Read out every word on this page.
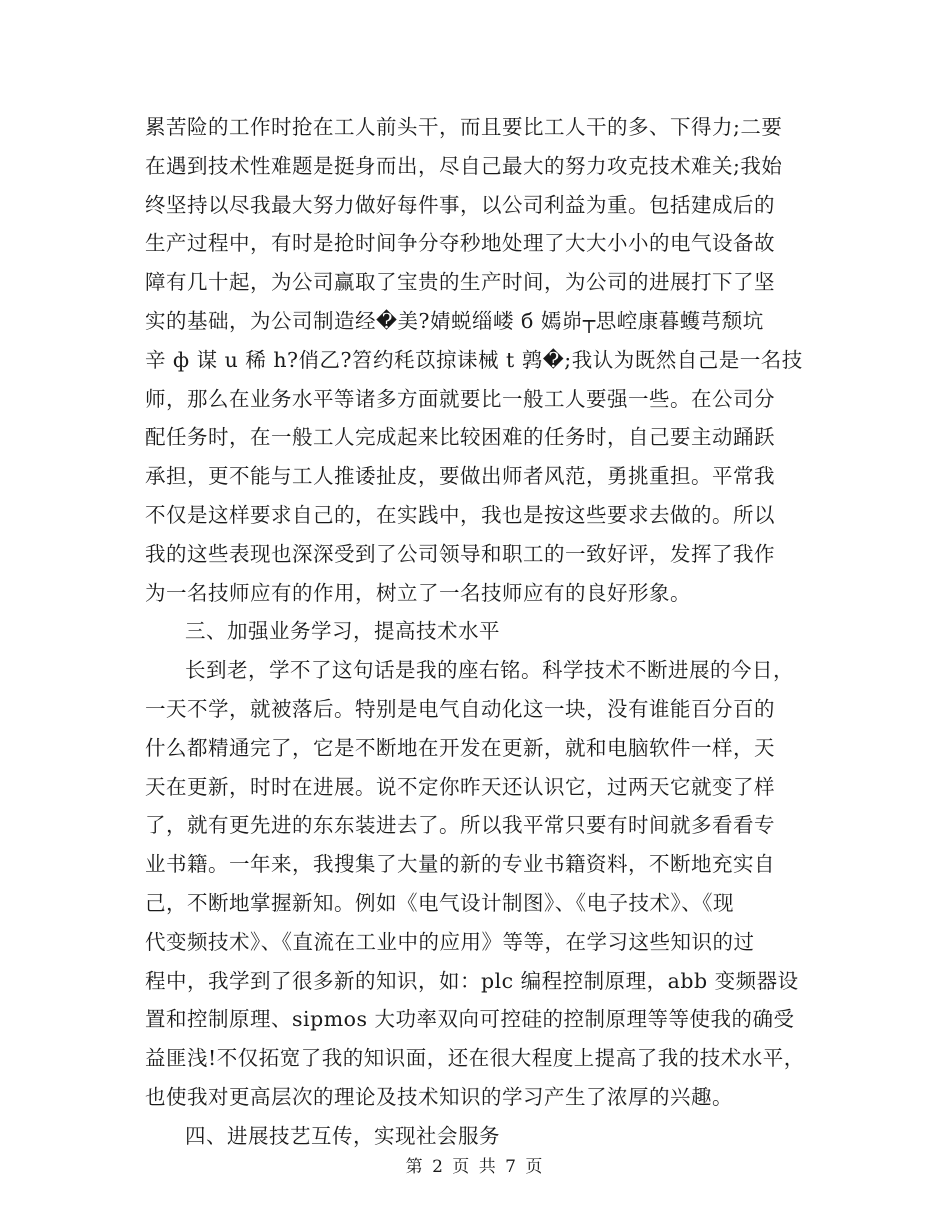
累苦险的工作时抢在工人前头干，而且要比工人干的多、下得力;二要
在遇到技术性难题是挺身而出，尽自己最大的努力攻克技术难关;我始
终坚持以尽我最大努力做好每件事，以公司利益为重。包括建成后的
生产过程中，有时是抢时间争分夺秒地处理了大大小小的电气设备故
障有几十起，为公司赢取了宝贵的生产时间，为公司的进展打下了坚
实的基础，为公司制造经�美?婧蜕缁嵝 б 嫣峁┬思崆康暮蠖芎颓坑
辛 ф 谋 u 稀 h?俏乙?笤约秏苡掠诔械 t 鹑�;我认为既然自己是一名技
师，那么在业务水平等诸多方面就要比一般工人要强一些。在公司分
配任务时，在一般工人完成起来比较困难的任务时，自己要主动踊跃
承担，更不能与工人推诿扯皮，要做出师者风范，勇挑重担。平常我
不仅是这样要求自己的，在实践中，我也是按这些要求去做的。所以
我的这些表现也深深受到了公司领导和职工的一致好评，发挥了我作
为一名技师应有的作用，树立了一名技师应有的良好形象。
三、加强业务学习，提高技术水平
长到老，学不了这句话是我的座右铭。科学技术不断进展的今日，
一天不学，就被落后。特别是电气自动化这一块，没有谁能百分百的
什么都精通完了，它是不断地在开发在更新，就和电脑软件一样，天
天在更新，时时在进展。说不定你昨天还认识它，过两天它就变了样
了，就有更先进的东东装进去了。所以我平常只要有时间就多看看专
业书籍。一年来，我搜集了大量的新的专业书籍资料，不断地充实自
己，不断地掌握新知。例如《电气设计制图》、《电子技术》、《现
代变频技术》、《直流在工业中的应用》等等，在学习这些知识的过
程中，我学到了很多新的知识，如：plc 编程控制原理，abb 变频器设
置和控制原理、sipmos 大功率双向可控硅的控制原理等等使我的确受
益匪浅!不仅拓宽了我的知识面，还在很大程度上提高了我的技术水平，
也使我对更高层次的理论及技术知识的学习产生了浓厚的兴趣。
四、进展技艺互传，实现社会服务
第 2 页 共 7 页
